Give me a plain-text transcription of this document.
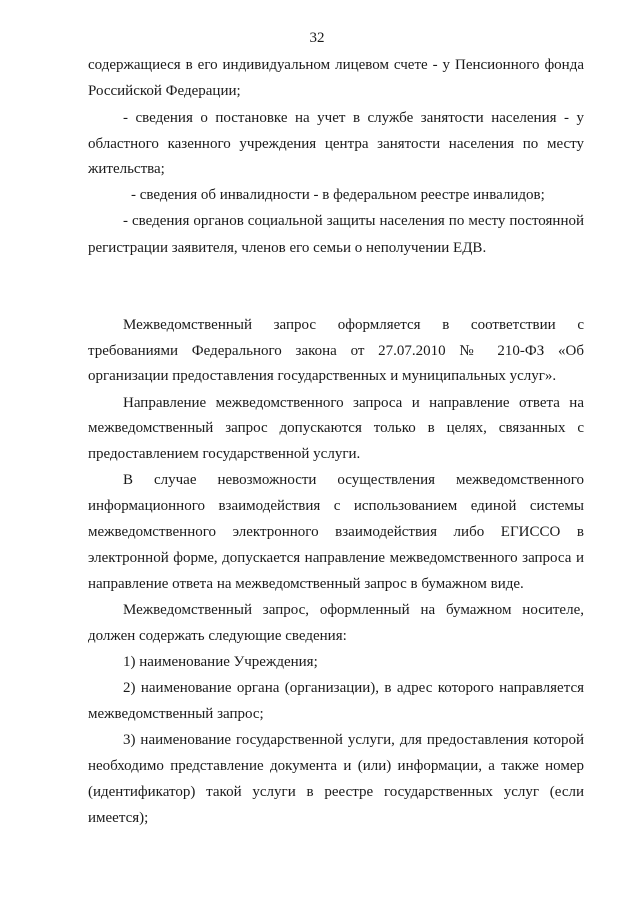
32
содержащиеся в его индивидуальном лицевом счете - у Пенсионного фонда
Российской Федерации;
- сведения о постановке на учет в службе занятости населения - у
областного казенного учреждения центра занятости населения по месту
жительства;
- сведения об инвалидности - в федеральном реестре инвалидов;
- сведения органов социальной защиты населения по месту постоянной
регистрации заявителя, членов его семьи о неполучении ЕДВ.
Межведомственный запрос оформляется в соответствии с
требованиями Федерального закона от 27.07.2010 № 210-ФЗ «Об
организации предоставления государственных и муниципальных услуг».
Направление межведомственного запроса и направление ответа на
межведомственный запрос допускаются только в целях, связанных с
предоставлением государственной услуги.
В случае невозможности осуществления межведомственного
информационного взаимодействия с использованием единой системы
межведомственного электронного взаимодействия либо ЕГИССО в
электронной форме, допускается направление межведомственного запроса и
направление ответа на межведомственный запрос в бумажном виде.
Межведомственный запрос, оформленный на бумажном носителе,
должен содержать следующие сведения:
1) наименование Учреждения;
2) наименование органа (организации), в адрес которого направляется
межведомственный запрос;
3) наименование государственной услуги, для предоставления которой
необходимо представление документа и (или) информации, а также номер
(идентификатор) такой услуги в реестре государственных услуг (если
имеется);
